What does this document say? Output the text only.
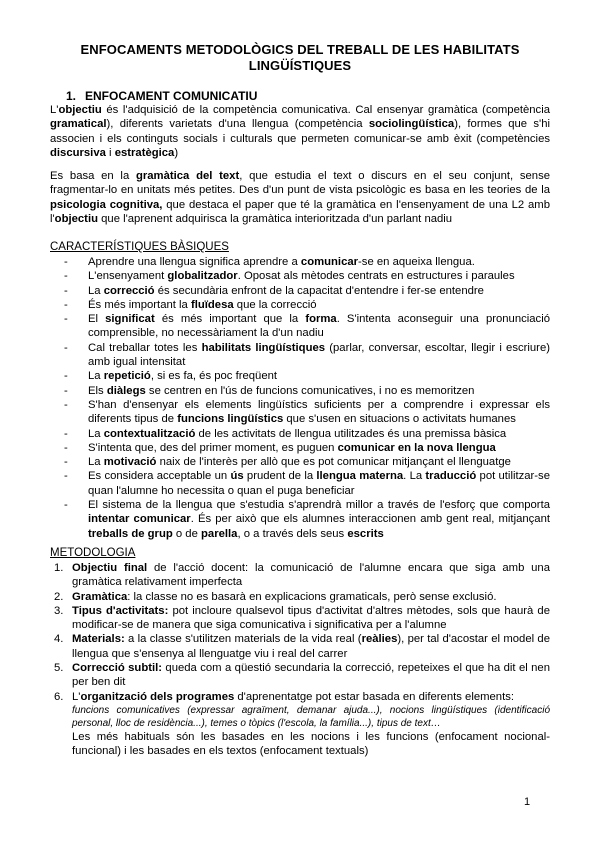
ENFOCAMENTS METODOLÒGICS DEL TREBALL DE LES HABILITATS
LINGÜÍSTIQUES
1. ENFOCAMENT COMUNICATIU
L'objectiu és l'adquisició de la competència comunicativa. Cal ensenyar gramàtica (competència gramatical), diferents varietats d'una llengua (competència sociolingüística), formes que s'hi associen i els continguts socials i culturals que permeten comunicar-se amb èxit (competències discursiva i estratègica)
Es basa en la gramàtica del text, que estudia el text o discurs en el seu conjunt, sense fragmentar-lo en unitats més petites. Des d'un punt de vista psicològic es basa en les teories de la psicologia cognitiva, que destaca el paper que té la gramàtica en l'ensenyament de una L2 amb l'objectiu que l'aprenent adquirisca la gramàtica interioritzada d'un parlant nadiu
CARACTERÍSTIQUES BÀSIQUES
- Aprendre una llengua significa aprendre a comunicar-se en aqueixa llengua.
- L'ensenyament globalitzador. Oposat als mètodes centrats en estructures i paraules
- La correcció és secundària enfront de la capacitat d'entendre i fer-se entendre
- És més important la fluïdesa que la correcció
- El significat és més important que la forma. S'intenta aconseguir una pronunciació comprensible, no necessàriament la d'un nadiu
- Cal treballar totes les habilitats lingüístiques (parlar, conversar, escoltar, llegir i escriure) amb igual intensitat
- La repetició, si es fa, és poc freqüent
- Els diàlegs se centren en l'ús de funcions comunicatives, i no es memoritzen
- S'han d'ensenyar els elements lingüístics suficients per a comprendre i expressar els diferents tipus de funcions lingüístics que s'usen en situacions o activitats humanes
- La contextualització de les activitats de llengua utilitzades és una premissa bàsica
- S'intenta que, des del primer moment, es puguen comunicar en la nova llengua
- La motivació naix de l'interès per allò que es pot comunicar mitjançant el llenguatge
- Es considera acceptable un ús prudent de la llengua materna. La traducció pot utilitzar-se quan l'alumne ho necessita o quan el puga beneficiar
- El sistema de la llengua que s'estudia s'aprendrà millor a través de l'esforç que comporta intentar comunicar. És per això que els alumnes interaccionen amb gent real, mitjançant treballs de grup o de parella, o a través dels seus escrits
METODOLOGIA
1. Objectiu final de l'acció docent: la comunicació de l'alumne encara que siga amb una gramàtica relativament imperfecta
2. Gramàtica: la classe no es basarà en explicacions gramaticals, però sense exclusió.
3. Tipus d'activitats: pot incloure qualsevol tipus d'activitat d'altres mètodes, sols que haurà de modificar-se de manera que siga comunicativa i significativa per a l'alumne
4. Materials: a la classe s'utilitzen materials de la vida real (reàlies), per tal d'acostar el model de llengua que s'ensenya al llenguatge viu i real del carrer
5. Correcció subtil: queda com a qüestió secundaria la correcció, repeteixes el que ha dit el nen per ben dit
6. L'organització dels programes d'aprenentatge pot estar basada en diferents elements:
funcions comunicatives (expressar agraïment, demanar ajuda...), nocions lingüístiques (identificació personal, lloc de residència...), temes o tòpics (l'escola, la família...), tipus de text…
Les més habituals són les basades en les nocions i les funcions (enfocament nocional-funcional) i les basades en els textos (enfocament textuals)
1
